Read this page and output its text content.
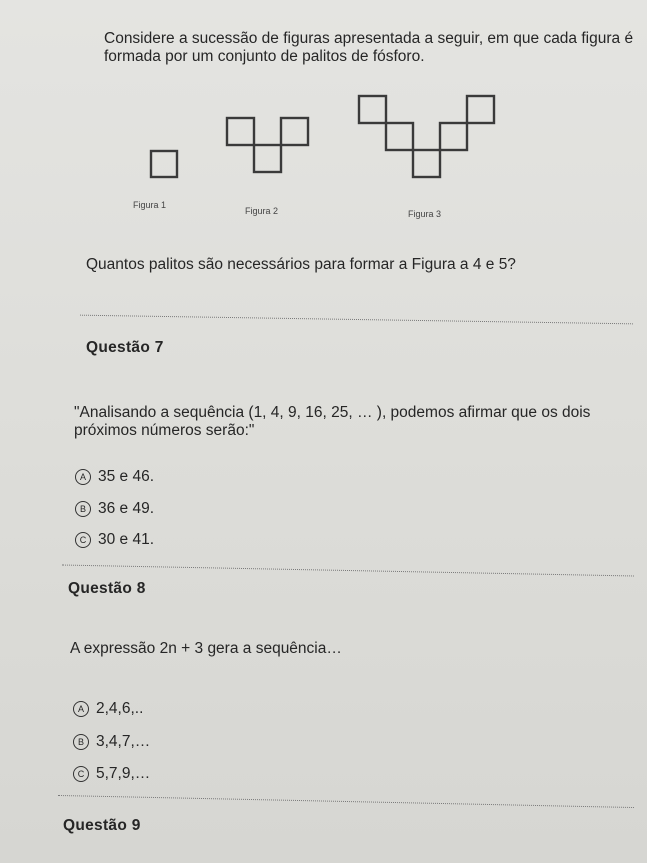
Considere a sucessão de figuras apresentada a seguir, em que cada figura é formada por um conjunto de palitos de fósforo.

Figura 1
Figura 2	Figura 3

Quantos palitos são necessários para formar a Figura a 4 e 5?

Questão 7

"Analisando a sequência (1, 4, 9, 16, 25, … ), podemos afirmar que os dois próximos números serão:"

A 35 e 46.
B 36 e 49.
C 30 e 41.

Questão 8

A expressão 2n + 3 gera a sequência…

A 2,4,6,..
B 3,4,7,…
C 5,7,9,…

Questão 9
